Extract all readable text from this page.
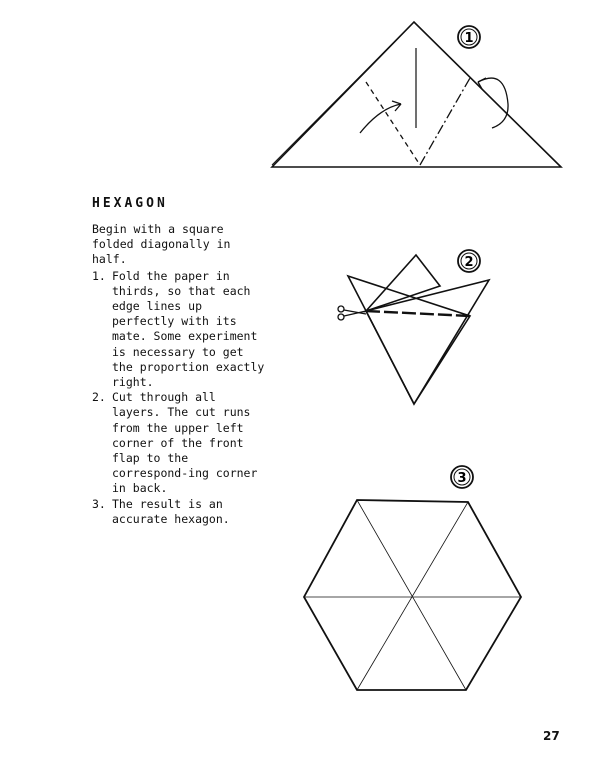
1
2
3
HEXAGON

Begin with a square folded diagonally in half.

1. Fold the paper in thirds, so that each edge lines up perfectly with its mate. Some experiment is necessary to get the proportion exactly right.
2. Cut through all layers. The cut runs from the upper left corner of the front flap to the correspond-ing corner in back.
3. The result is an accurate hexagon.
27
